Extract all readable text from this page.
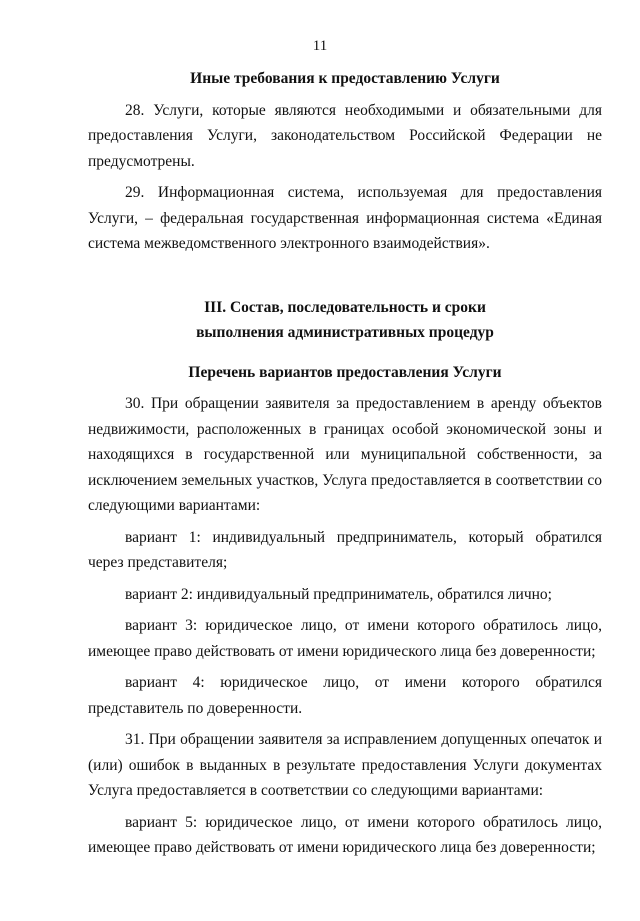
11

Иные требования к предоставлению Услуги

28. Услуги, которые являются необходимыми и обязательными для предоставления Услуги, законодательством Российской Федерации не предусмотрены.

29. Информационная система, используемая для предоставления Услуги, – федеральная государственная информационная система «Единая система межведомственного электронного взаимодействия».

III. Состав, последовательность и сроки

выполнения административных процедур

Перечень вариантов предоставления Услуги

30. При обращении заявителя за предоставлением в аренду объектов недвижимости, расположенных в границах особой экономической зоны и находящихся в государственной или муниципальной собственности, за исключением земельных участков, Услуга предоставляется в соответствии со следующими вариантами:

вариант 1: индивидуальный предприниматель, который обратился через представителя;

вариант 2: индивидуальный предприниматель, обратился лично;

вариант 3: юридическое лицо, от имени которого обратилось лицо, имеющее право действовать от имени юридического лица без доверенности;

вариант 4: юридическое лицо, от имени которого обратился представитель по доверенности.

31. При обращении заявителя за исправлением допущенных опечаток и (или) ошибок в выданных в результате предоставления Услуги документах Услуга предоставляется в соответствии со следующими вариантами:

вариант 5: юридическое лицо, от имени которого обратилось лицо, имеющее право действовать от имени юридического лица без доверенности;
